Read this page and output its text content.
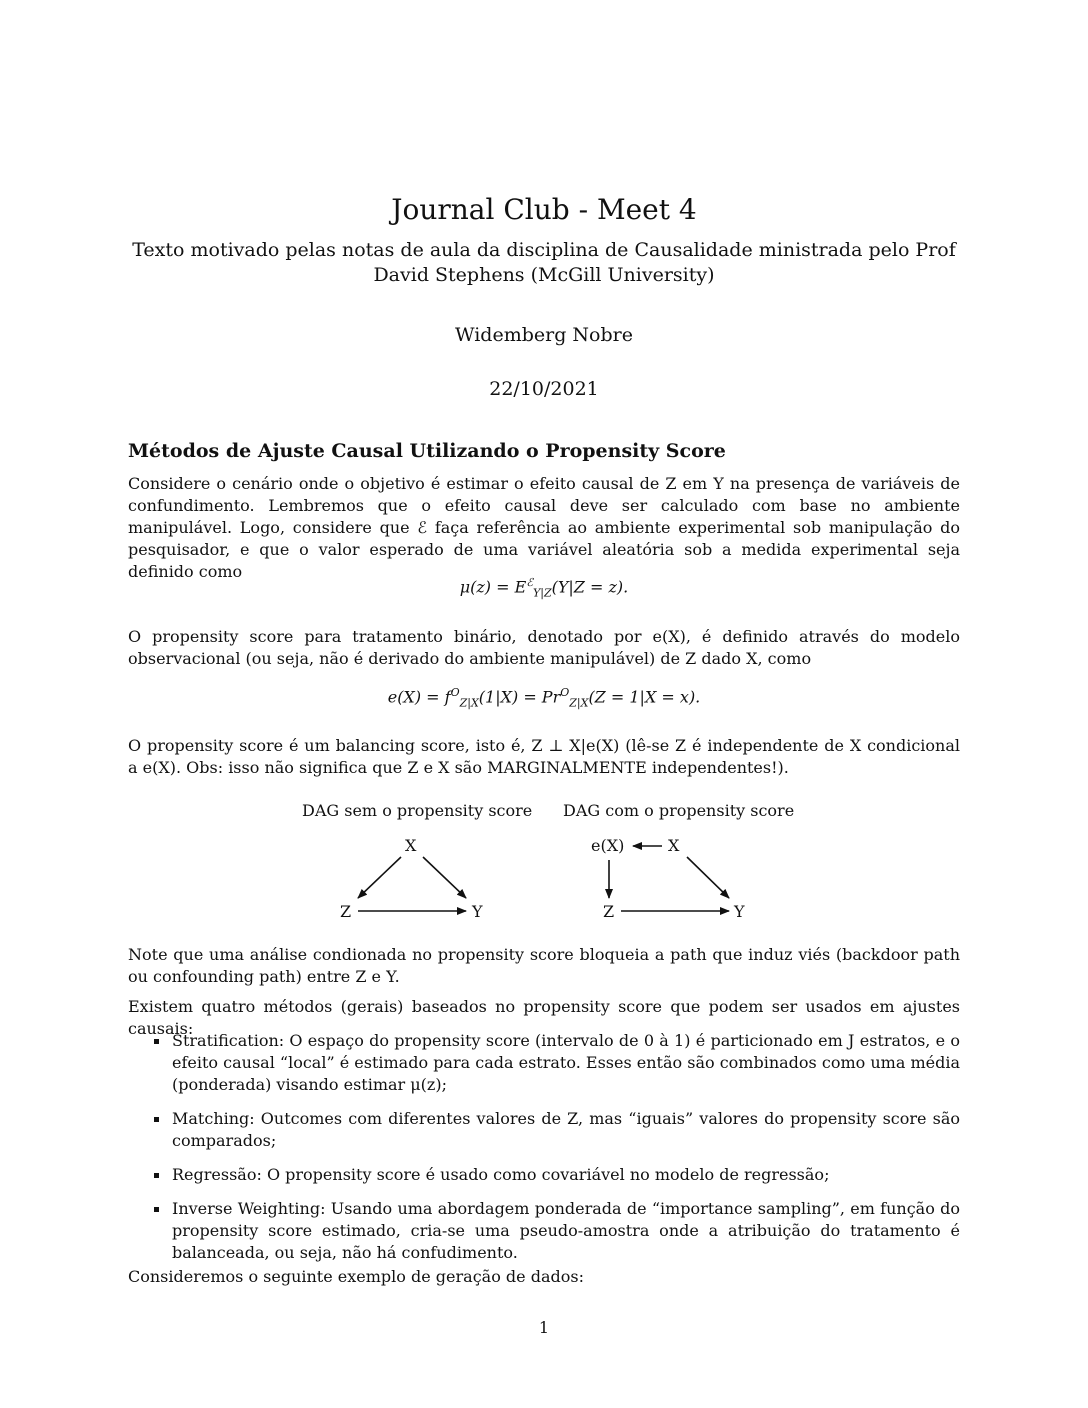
Journal Club - Meet 4
Texto motivado pelas notas de aula da disciplina de Causalidade ministrada pelo Prof David Stephens (McGill University)
Widemberg Nobre
22/10/2021
Métodos de Ajuste Causal Utilizando o Propensity Score
Considere o cenário onde o objetivo é estimar o efeito causal de Z em Y na presença de variáveis de confundimento. Lembremos que o efeito causal deve ser calculado com base no ambiente manipulável. Logo, considere que ℰ faça referência ao ambiente experimental sob manipulação do pesquisador, e que o valor esperado de uma variável aleatória sob a medida experimental seja definido como
$\mu(z) = E^ℰ_{Y|Z}(Y|Z = z)$.
O propensity score para tratamento binário, denotado por e(X), é definido através do modelo observacional (ou seja, não é derivado do ambiente manipulável) de Z dado X, como
$e(X) = f^O_{Z|X}(1|X) = Pr^O_{Z|X}(Z = 1|X = x)$.
O propensity score é um balancing score, isto é, Z ⊥ X|e(X) (lê-se Z é independente de X condicional a e(X). Obs: isso não significa que Z e X são MARGINALMENTE independentes!).
DAG sem o propensity score DAG com o propensity score
X
Z	Y
e(X)	X
Z	Y
Note que uma análise condionada no propensity score bloqueia a path que induz viés (backdoor path ou confounding path) entre Z e Y.
Existem quatro métodos (gerais) baseados no propensity score que podem ser usados em ajustes causais:
Stratification: O espaço do propensity score (intervalo de 0 à 1) é particionado em J estratos, e o efeito causal “local” é estimado para cada estrato. Esses então são combinados como uma média (ponderada) visando estimar μ(z);
Matching: Outcomes com diferentes valores de Z, mas “iguais” valores do propensity score são comparados;
Regressão: O propensity score é usado como covariável no modelo de regressão;
Inverse Weighting: Usando uma abordagem ponderada de “importance sampling”, em função do propensity score estimado, cria-se uma pseudo-amostra onde a atribuição do tratamento é balanceada, ou seja, não há confudimento.
Consideremos o seguinte exemplo de geração de dados:
1
